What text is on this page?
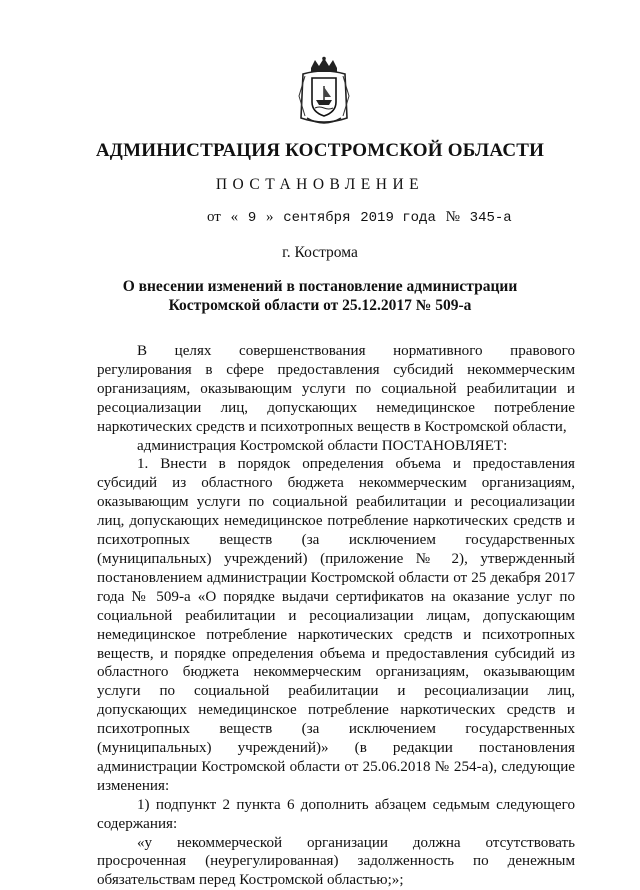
АДМИНИСТРАЦИЯ КОСТРОМСКОЙ ОБЛАСТИ
ПОСТАНОВЛЕНИЕ
от « 9 » сентября 2019 года № 345-а
г. Кострома
О внесении изменений в постановление администрации
Костромской области от 25.12.2017 № 509-а

В целях совершенствования нормативного правового регулирования в сфере предоставления субсидий некоммерческим организациям, оказывающим услуги по социальной реабилитации и ресоциализации лиц, допускающих немедицинское потребление наркотических средств и психотропных веществ в Костромской области,

администрация Костромской области ПОСТАНОВЛЯЕТ:

1. Внести в порядок определения объема и предоставления субсидий из областного бюджета некоммерческим организациям, оказывающим услуги по социальной реабилитации и ресоциализации лиц, допускающих немедицинское потребление наркотических средств и психотропных веществ (за исключением государственных (муниципальных) учреждений) (приложение № 2), утвержденный постановлением администрации Костромской области от 25 декабря 2017 года № 509-а «О порядке выдачи сертификатов на оказание услуг по социальной реабилитации и ресоциализации лицам, допускающим немедицинское потребление наркотических средств и психотропных веществ, и порядке определения объема и предоставления субсидий из областного бюджета некоммерческим организациям, оказывающим услуги по социальной реабилитации и ресоциализации лиц, допускающих немедицинское потребление наркотических средств и психотропных веществ (за исключением государственных (муниципальных) учреждений)» (в редакции постановления администрации Костромской области от 25.06.2018 № 254-а), следующие изменения:

1) подпункт 2 пункта 6 дополнить абзацем седьмым следующего содержания:

«у некоммерческой организации должна отсутствовать просроченная (неурегулированная) задолженность по денежным обязательствам перед Костромской областью;»;
